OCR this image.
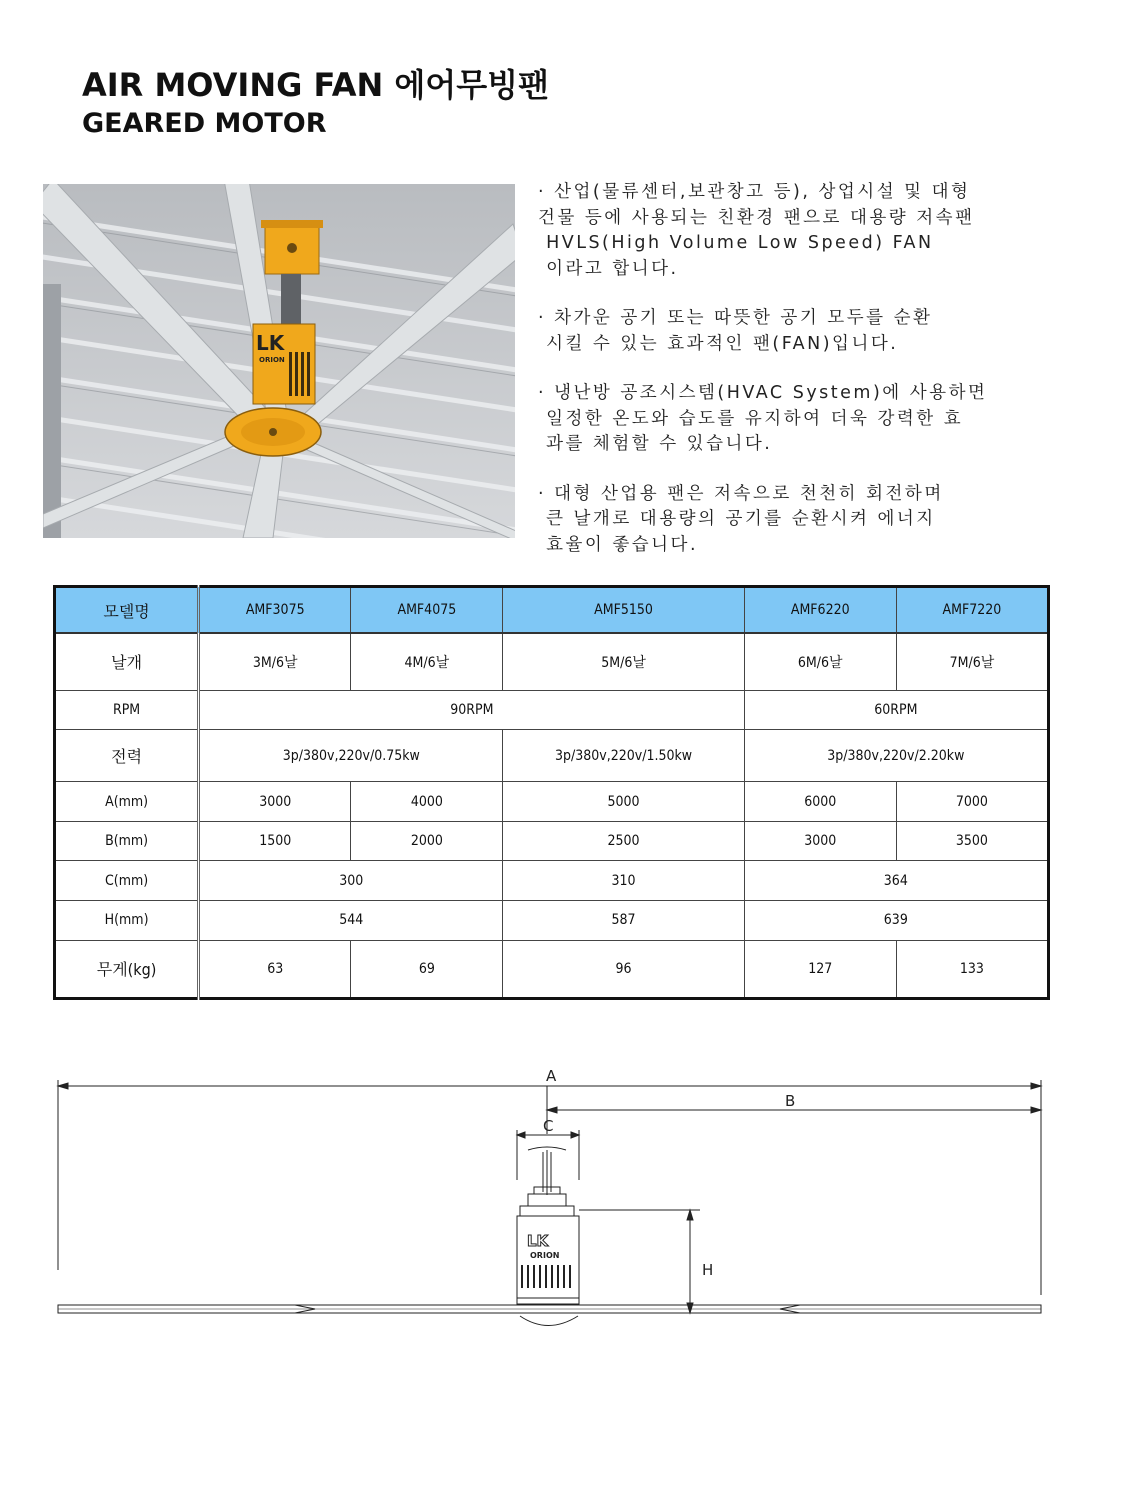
AIR MOVING FAN 에어무빙팬
GEARED MOTOR
LK
ORION

· 산업(물류센터,보관창고 등), 상업시설 및 대형
건물 등에 사용되는 친환경 팬으로 대용량 저속팬
HVLS(High Volume Low Speed) FAN
이라고 합니다.

· 차가운 공기 또는 따뜻한 공기 모두를 순환
시킬 수 있는 효과적인 팬(FAN)입니다.

· 냉난방 공조시스템(HVAC System)에 사용하면
일정한 온도와 습도를 유지하여 더욱 강력한 효
과를 체험할 수 있습니다.

· 대형 산업용 팬은 저속으로 천천히 회전하며
큰 날개로 대용량의 공기를 순환시켜 에너지
효율이 좋습니다.

모델명	AMF3075	AMF4075	AMF5150	AMF6220	AMF7220
날개	3M/6날	4M/6날	5M/6날	6M/6날	7M/6날
RPM	90RPM			60RPM	
전력	3p/380v,220v/0.75kw		3p/380v,220v/1.50kw	3p/380v,220v/2.20kw	
A(mm)	3000	4000	5000	6000	7000
B(mm)	1500	2000	2500	3000	3500
C(mm)	300		310	364	
H(mm)	544		587	639	
무게(kg)	63	69	96	127	133
A
B
C
LK
ORION
H
